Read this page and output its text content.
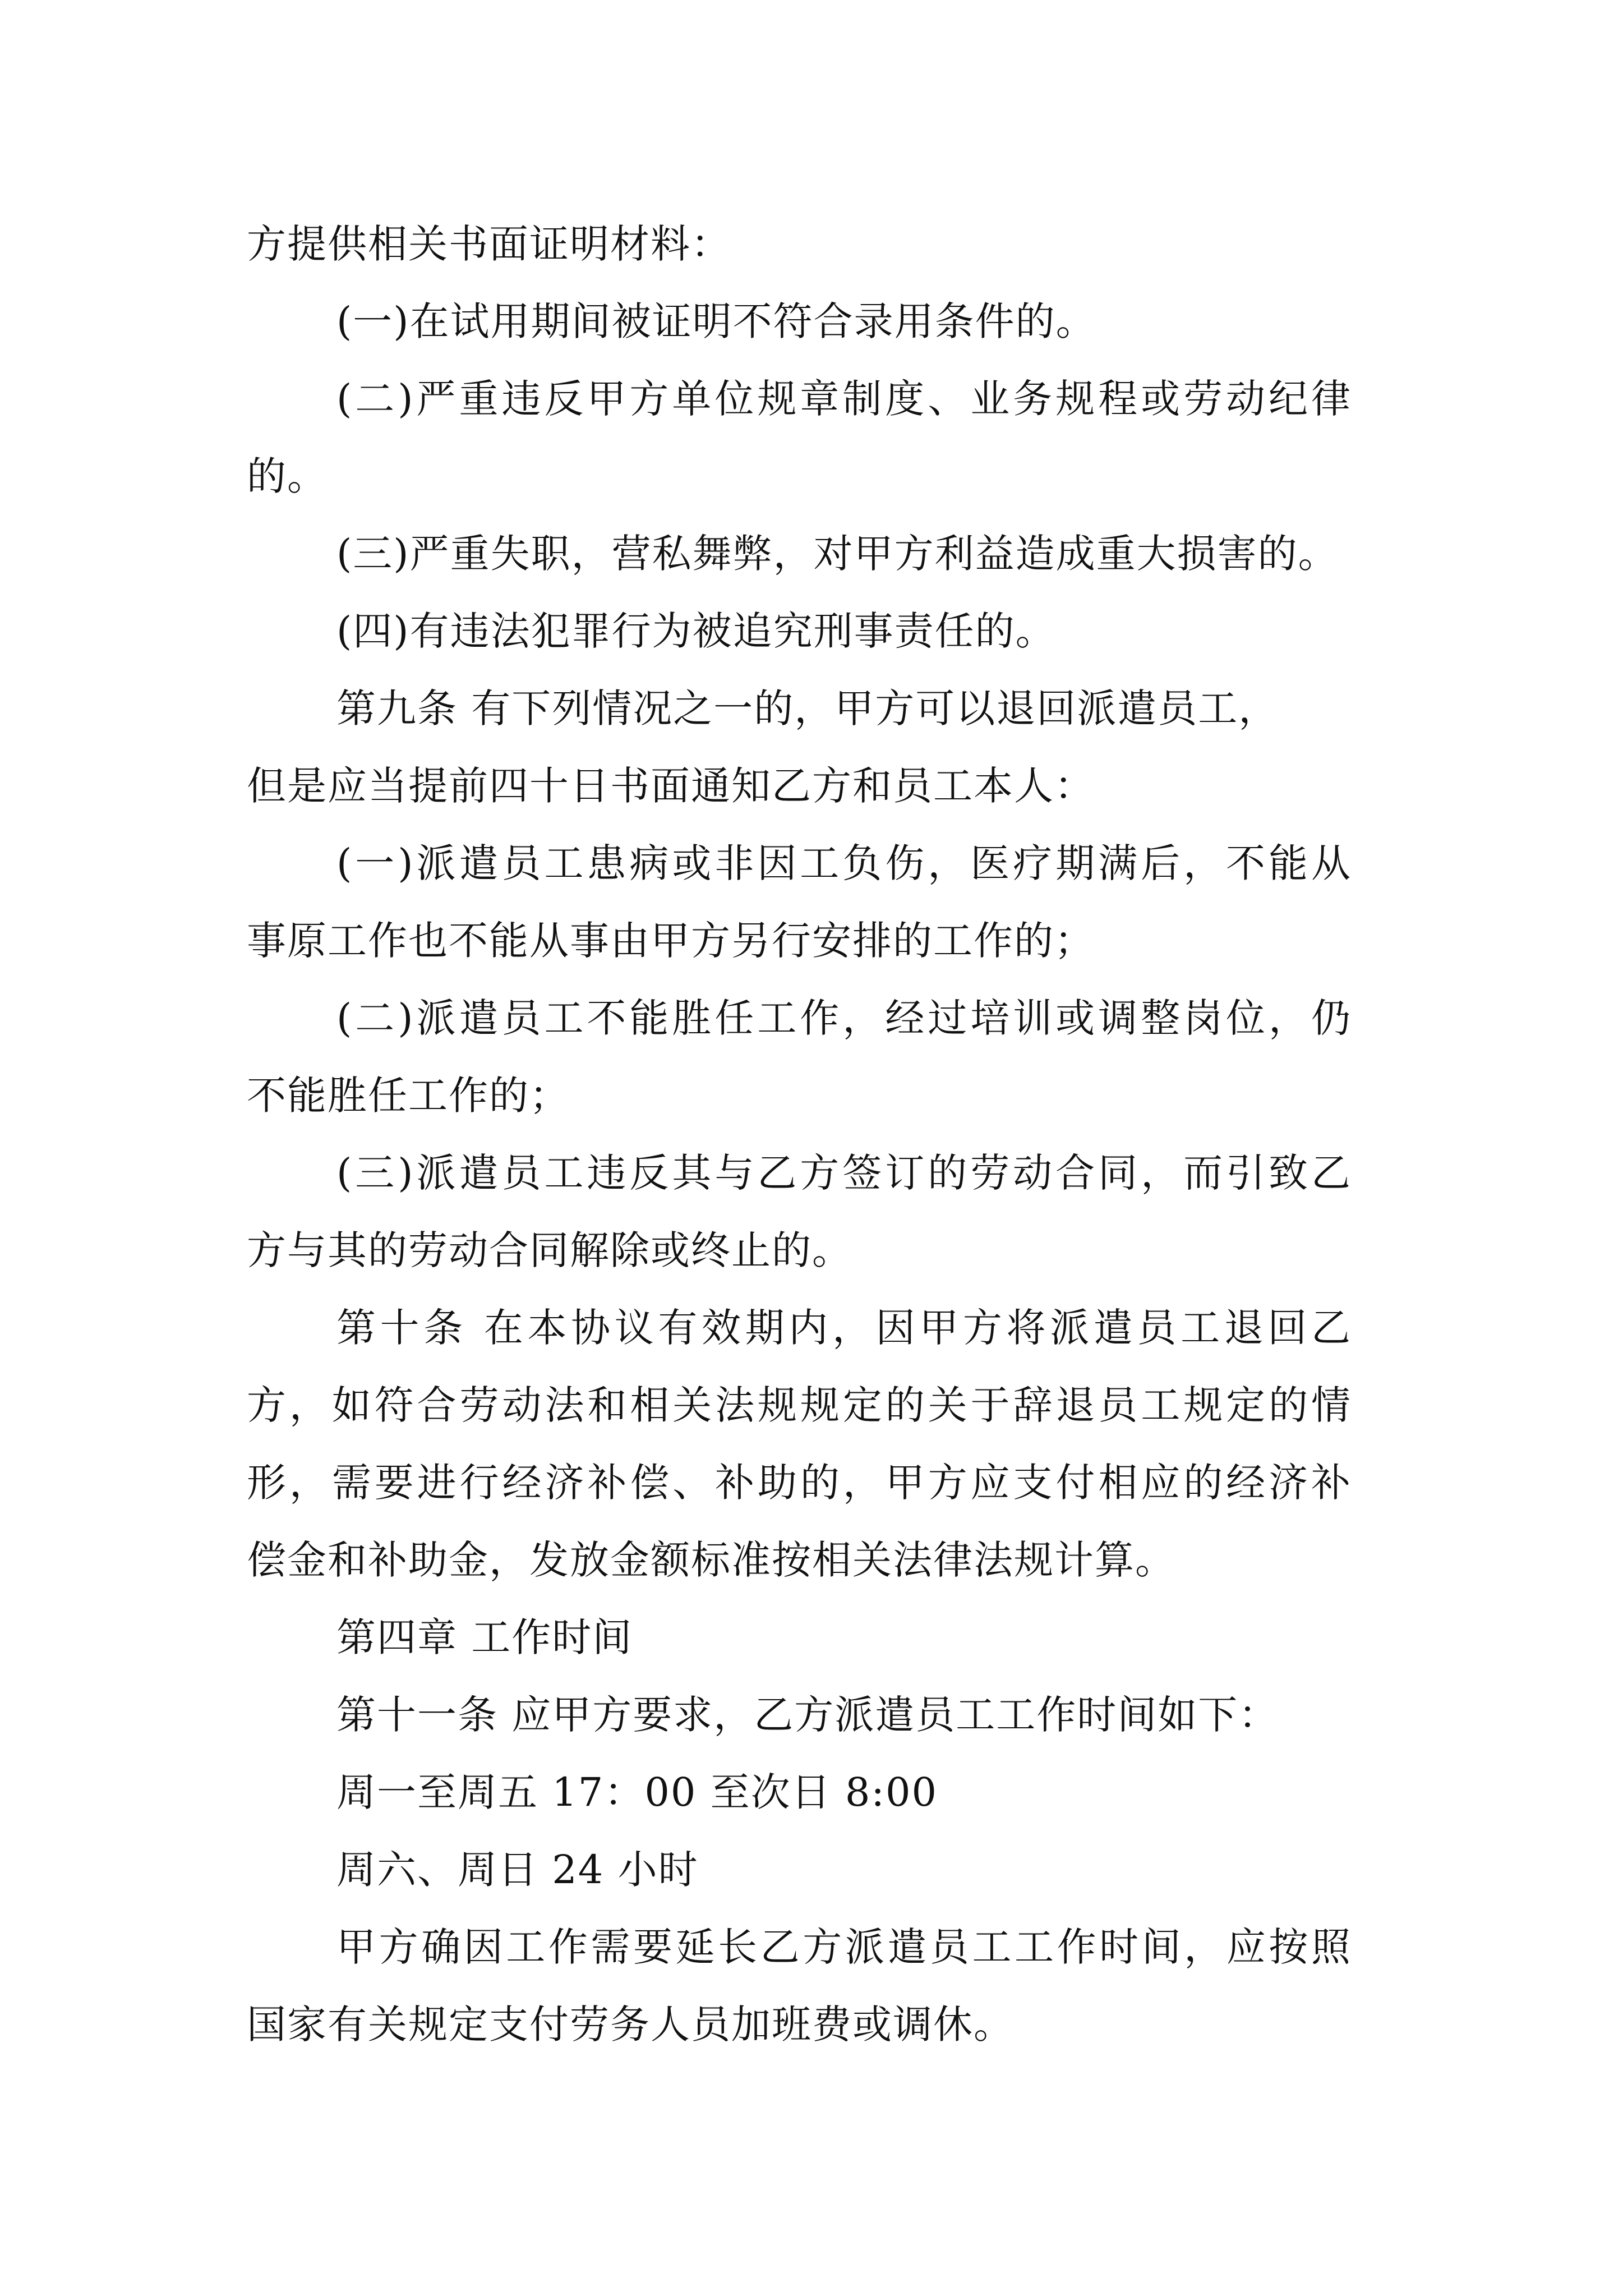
方提供相关书面证明材料：
(一)在试用期间被证明不符合录用条件的。
(二)严重违反甲方单位规章制度、业务规程或劳动纪律
的。
(三)严重失职，营私舞弊，对甲方利益造成重大损害的。
(四)有违法犯罪行为被追究刑事责任的。
第九条 有下列情况之一的，甲方可以退回派遣员工，
但是应当提前四十日书面通知乙方和员工本人：
(一)派遣员工患病或非因工负伤，医疗期满后，不能从
事原工作也不能从事由甲方另行安排的工作的；
(二)派遣员工不能胜任工作，经过培训或调整岗位，仍
不能胜任工作的；
(三)派遣员工违反其与乙方签订的劳动合同，而引致乙
方与其的劳动合同解除或终止的。
第十条 在本协议有效期内，因甲方将派遣员工退回乙
方，如符合劳动法和相关法规规定的关于辞退员工规定的情
形，需要进行经济补偿、补助的，甲方应支付相应的经济补
偿金和补助金，发放金额标准按相关法律法规计算。
第四章 工作时间
第十一条 应甲方要求，乙方派遣员工工作时间如下：
周一至周五 17：00 至次日 8:00
周六、周日 24 小时
甲方确因工作需要延长乙方派遣员工工作时间，应按照
国家有关规定支付劳务人员加班费或调休。
